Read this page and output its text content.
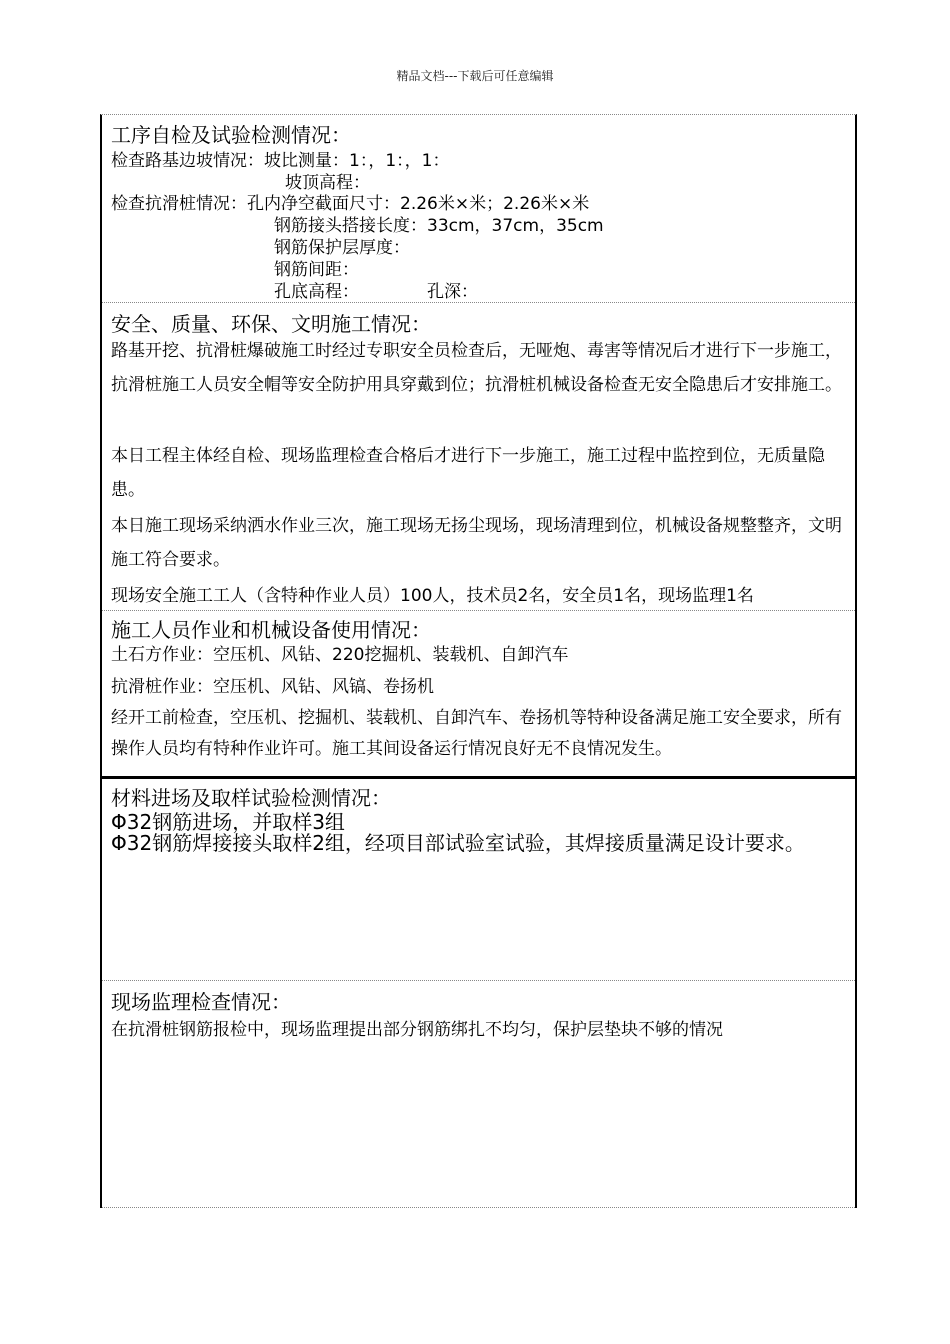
精品文档---下载后可任意编辑
工序自检及试验检测情况：
检查路基边坡情况：坡比测量：1：，1：，1：
坡顶高程：
检查抗滑桩情况：孔内净空截面尺寸：2.26米×米；2.26米×米
钢筋接头搭接长度：33cm，37cm，35cm
钢筋保护层厚度：
钢筋间距：
孔底高程：	孔深：
安全、质量、环保、文明施工情况：
路基开挖、抗滑桩爆破施工时经过专职安全员检查后，无哑炮、毒害等情况后才进行下一步施工，抗滑桩施工人员安全帽等安全防护用具穿戴到位；抗滑桩机械设备检查无安全隐患后才安排施工。
本日工程主体经自检、现场监理检查合格后才进行下一步施工，施工过程中监控到位，无质量隐患。
本日施工现场采纳洒水作业三次，施工现场无扬尘现场，现场清理到位，机械设备规整整齐，文明施工符合要求。
现场安全施工工人（含特种作业人员）100人，技术员2名，安全员1名，现场监理1名
施工人员作业和机械设备使用情况：
土石方作业：空压机、风钻、220挖掘机、装载机、自卸汽车
抗滑桩作业：空压机、风钻、风镐、卷扬机
经开工前检查，空压机、挖掘机、装载机、自卸汽车、卷扬机等特种设备满足施工安全要求，所有操作人员均有特种作业许可。施工其间设备运行情况良好无不良情况发生。
材料进场及取样试验检测情况：
Φ32钢筋进场，并取样3组
Φ32钢筋焊接接头取样2组，经项目部试验室试验，其焊接质量满足设计要求。
现场监理检查情况：
在抗滑桩钢筋报检中，现场监理提出部分钢筋绑扎不均匀，保护层垫块不够的情况
